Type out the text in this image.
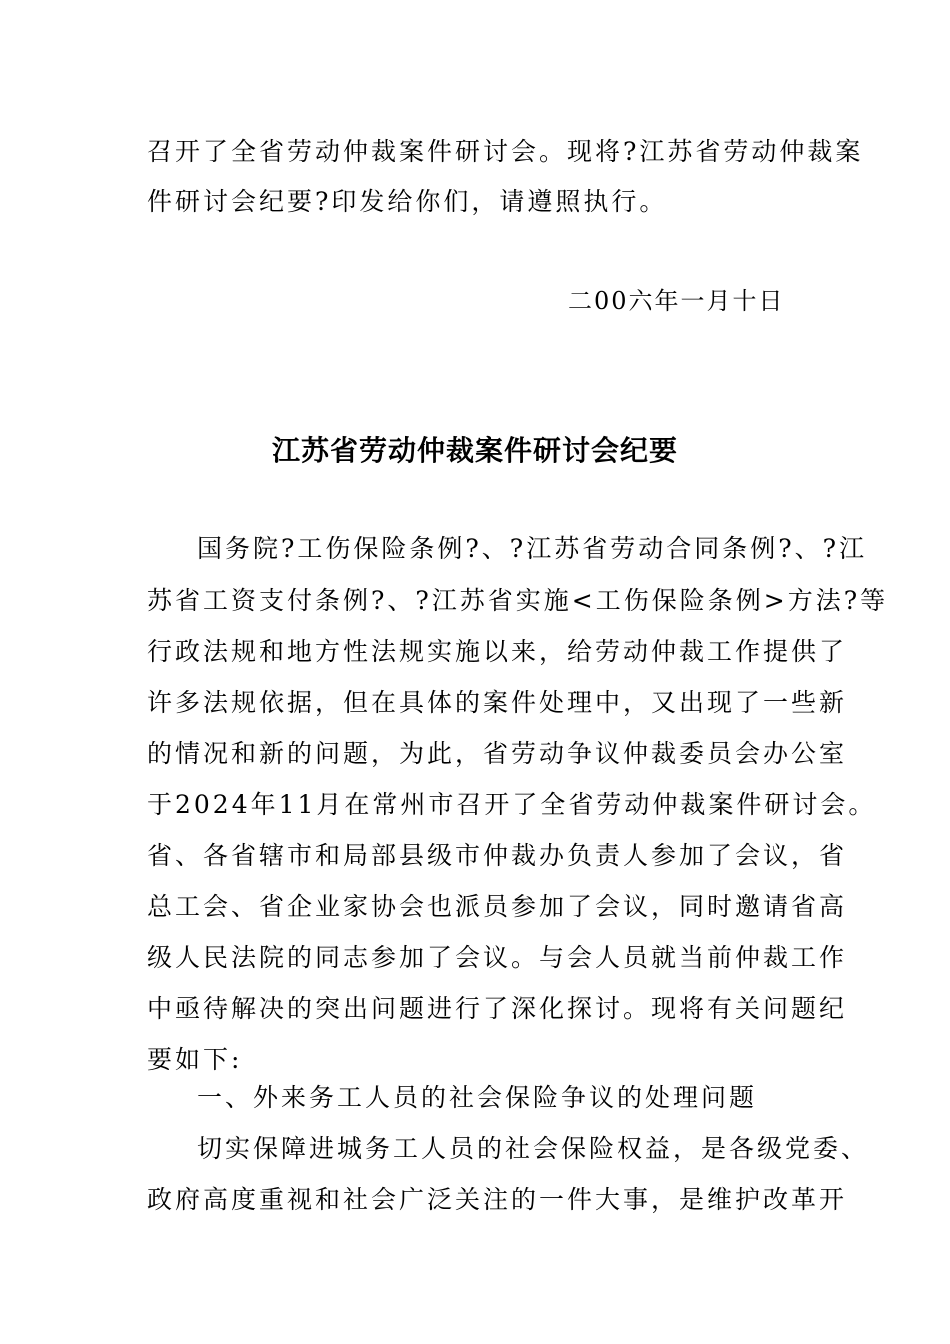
召开了全省劳动仲裁案件研讨会。现将?江苏省劳动仲裁案
件研讨会纪要?印发给你们，请遵照执行。
二00六年一月十日
江苏省劳动仲裁案件研讨会纪要
国务院?工伤保险条例?、?江苏省劳动合同条例?、?江
苏省工资支付条例?、?江苏省实施<工伤保险条例>方法?等
行政法规和地方性法规实施以来，给劳动仲裁工作提供了
许多法规依据，但在具体的案件处理中，又出现了一些新
的情况和新的问题，为此，省劳动争议仲裁委员会办公室
于2024年11月在常州市召开了全省劳动仲裁案件研讨会。
省、各省辖市和局部县级市仲裁办负责人参加了会议，省
总工会、省企业家协会也派员参加了会议，同时邀请省高
级人民法院的同志参加了会议。与会人员就当前仲裁工作
中亟待解决的突出问题进行了深化探讨。现将有关问题纪
要如下:
一、外来务工人员的社会保险争议的处理问题
切实保障进城务工人员的社会保险权益，是各级党委、
政府高度重视和社会广泛关注的一件大事，是维护改革开
